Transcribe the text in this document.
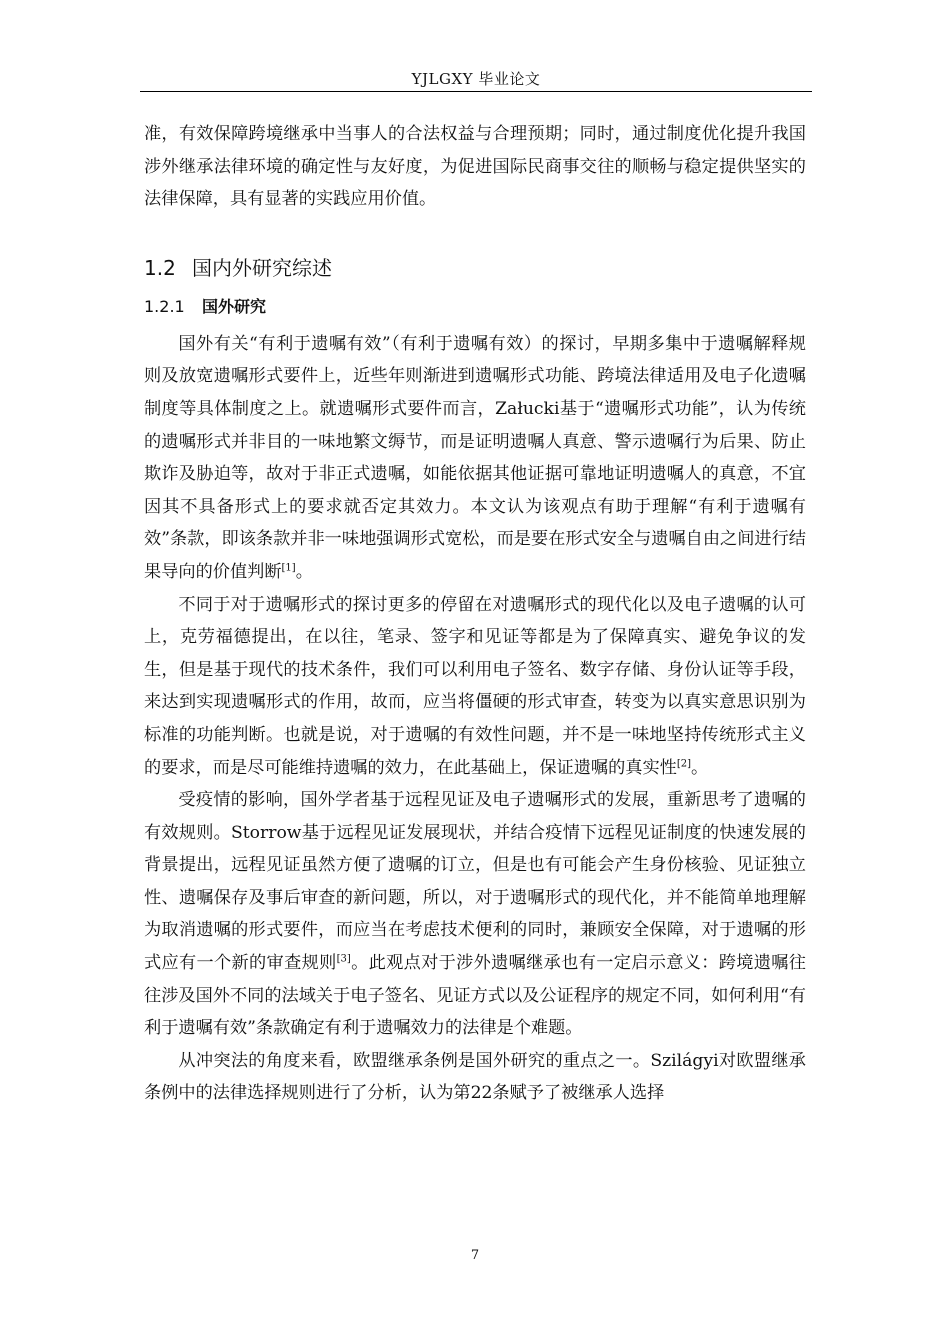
YJLGXY 毕业论文

准，有效保障跨境继承中当事人的合法权益与合理预期；同时，通过制度优化提升我国涉外继承法律环境的确定性与友好度，为促进国际民商事交往的顺畅与稳定提供坚实的法律保障，具有显著的实践应用价值。

1.2 国内外研究综述
1.2.1 国外研究

国外有关“有利于遗嘱有效”（有利于遗嘱有效）的探讨，早期多集中于遗嘱解释规则及放宽遗嘱形式要件上，近些年则渐进到遗嘱形式功能、跨境法律适用及电子化遗嘱制度等具体制度之上。就遗嘱形式要件而言，Załucki基于“遗嘱形式功能”，认为传统的遗嘱形式并非目的一味地繁文缛节，而是证明遗嘱人真意、警示遗嘱行为后果、防止欺诈及胁迫等，故对于非正式遗嘱，如能依据其他证据可靠地证明遗嘱人的真意，不宜因其不具备形式上的要求就否定其效力。本文认为该观点有助于理解“有利于遗嘱有效”条款，即该条款并非一味地强调形式宽松，而是要在形式安全与遗嘱自由之间进行结果导向的价值判断[1]。

不同于对于遗嘱形式的探讨更多的停留在对遗嘱形式的现代化以及电子遗嘱的认可上，克劳福德提出，在以往，笔录、签字和见证等都是为了保障真实、避免争议的发生，但是基于现代的技术条件，我们可以利用电子签名、数字存储、身份认证等手段，来达到实现遗嘱形式的作用，故而，应当将僵硬的形式审查，转变为以真实意思识别为标准的功能判断。也就是说，对于遗嘱的有效性问题，并不是一味地坚持传统形式主义的要求，而是尽可能维持遗嘱的效力，在此基础上，保证遗嘱的真实性[2]。

受疫情的影响，国外学者基于远程见证及电子遗嘱形式的发展，重新思考了遗嘱的有效规则。Storrow基于远程见证发展现状，并结合疫情下远程见证制度的快速发展的背景提出，远程见证虽然方便了遗嘱的订立，但是也有可能会产生身份核验、见证独立性、遗嘱保存及事后审查的新问题，所以，对于遗嘱形式的现代化，并不能简单地理解为取消遗嘱的形式要件，而应当在考虑技术便利的同时，兼顾安全保障，对于遗嘱的形式应有一个新的审查规则[3]。此观点对于涉外遗嘱继承也有一定启示意义：跨境遗嘱往往涉及国外不同的法域关于电子签名、见证方式以及公证程序的规定不同，如何利用“有利于遗嘱有效”条款确定有利于遗嘱效力的法律是个难题。

从冲突法的角度来看，欧盟继承条例是国外研究的重点之一。Szilágyi对欧盟继承条例中的法律选择规则进行了分析，认为第22条赋予了被继承人选择

7
